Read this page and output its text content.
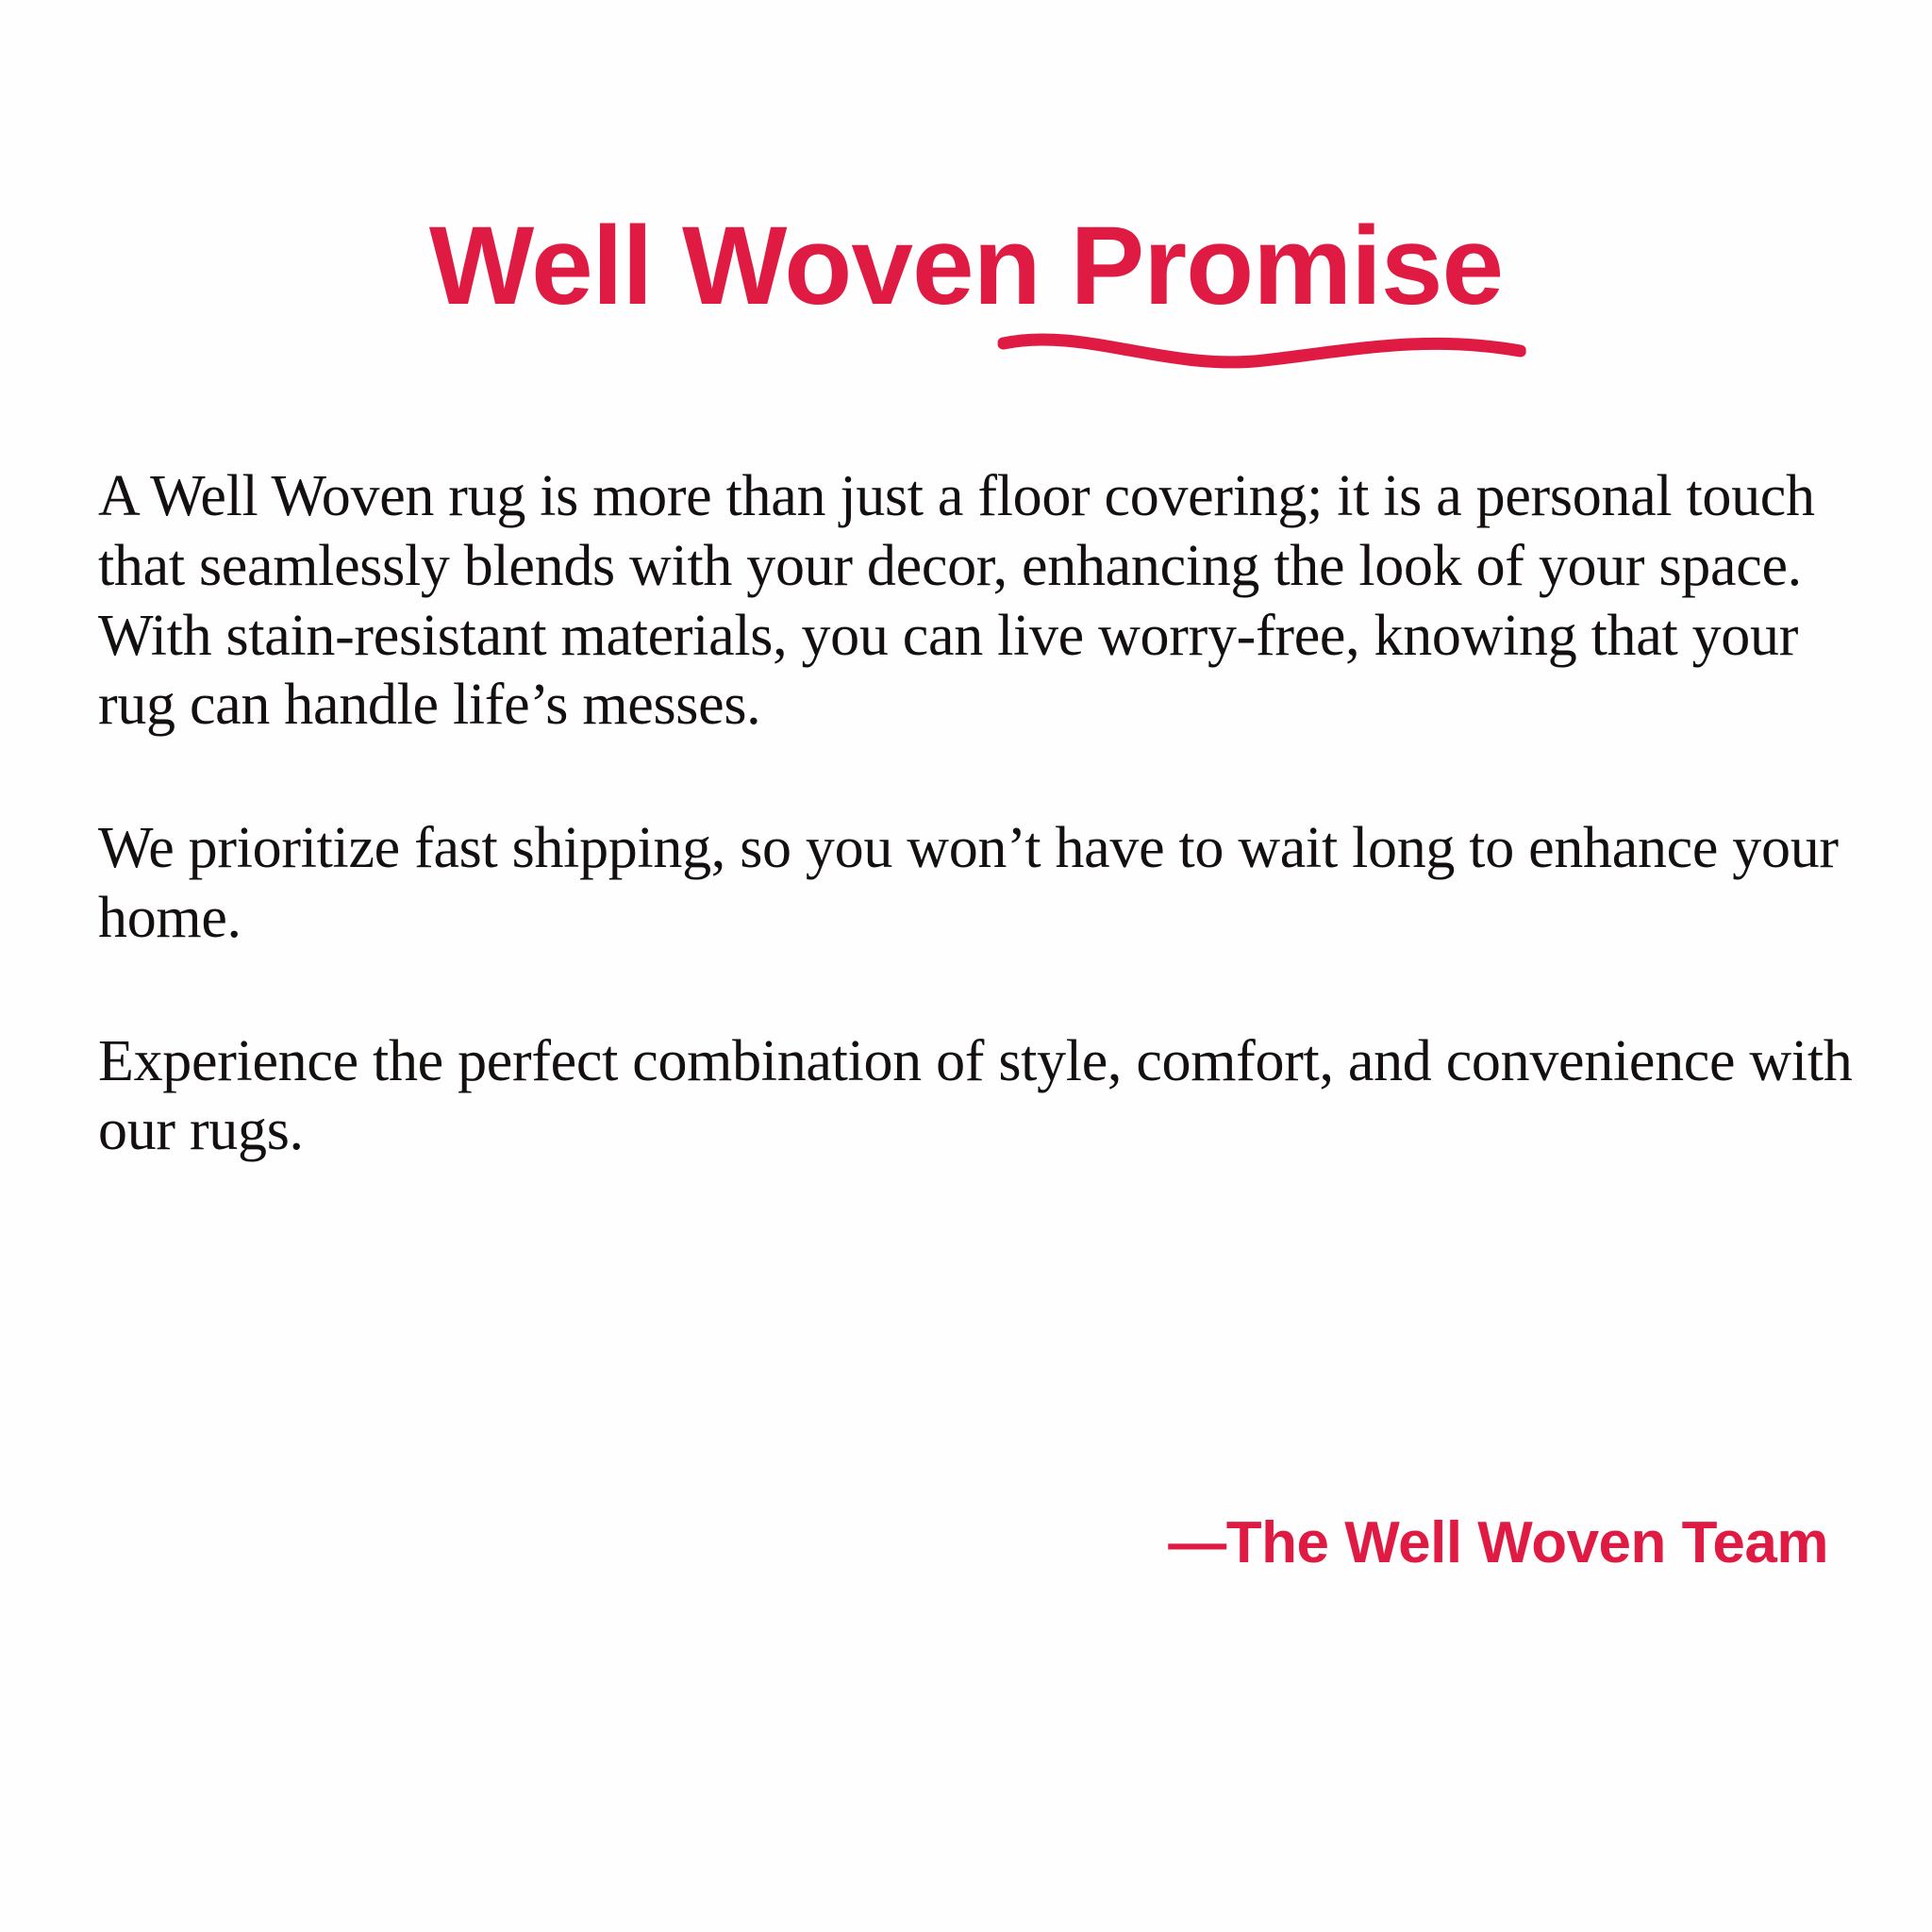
Well Woven Promise

A Well Woven rug is more than just a floor covering; it is a personal touch that seamlessly blends with your decor, enhancing the look of your space. With stain-resistant materials, you can live worry-free, knowing that your rug can handle life’s messes.

We prioritize fast shipping, so you won’t have to wait long to enhance your home.

Experience the perfect combination of style, comfort, and convenience with our rugs.

—The Well Woven Team
